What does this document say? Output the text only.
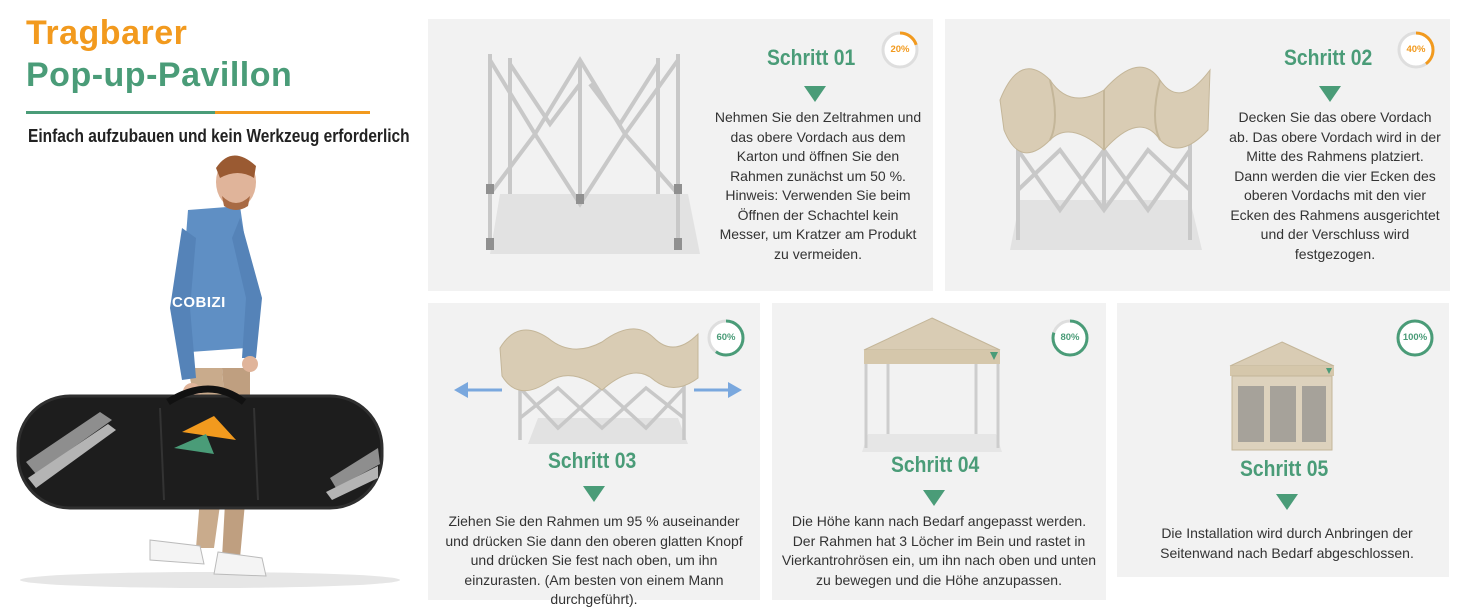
Tragbarer
Pop-up-Pavillon
Einfach aufzubauen und kein Werkzeug erforderlich
COBIZI
Schritt 01	20%
Nehmen Sie den Zeltrahmen und das obere Vordach aus dem Karton und öffnen Sie den Rahmen zunächst um 50 %.
Hinweis: Verwenden Sie beim Öffnen der Schachtel kein Messer, um Kratzer am Produkt zu vermeiden.
Schritt 02	40%
Decken Sie das obere Vordach ab. Das obere Vordach wird in der Mitte des Rahmens platziert. Dann werden die vier Ecken des oberen Vordachs mit den vier Ecken des Rahmens ausgerichtet und der Verschluss wird festgezogen.
Schritt 03
60%
Ziehen Sie den Rahmen um 95 % auseinander und drücken Sie dann den oberen glatten Knopf und drücken Sie fest nach oben, um ihn einzurasten. (Am besten von einem Mann durchgeführt).
Schritt 04
80%
Die Höhe kann nach Bedarf angepasst werden. Der Rahmen hat 3 Löcher im Bein und rastet in Vierkantrohrösen ein, um ihn nach oben und unten zu bewegen und die Höhe anzupassen.
Schritt 05
100%
Die Installation wird durch Anbringen der Seitenwand nach Bedarf abgeschlossen.
